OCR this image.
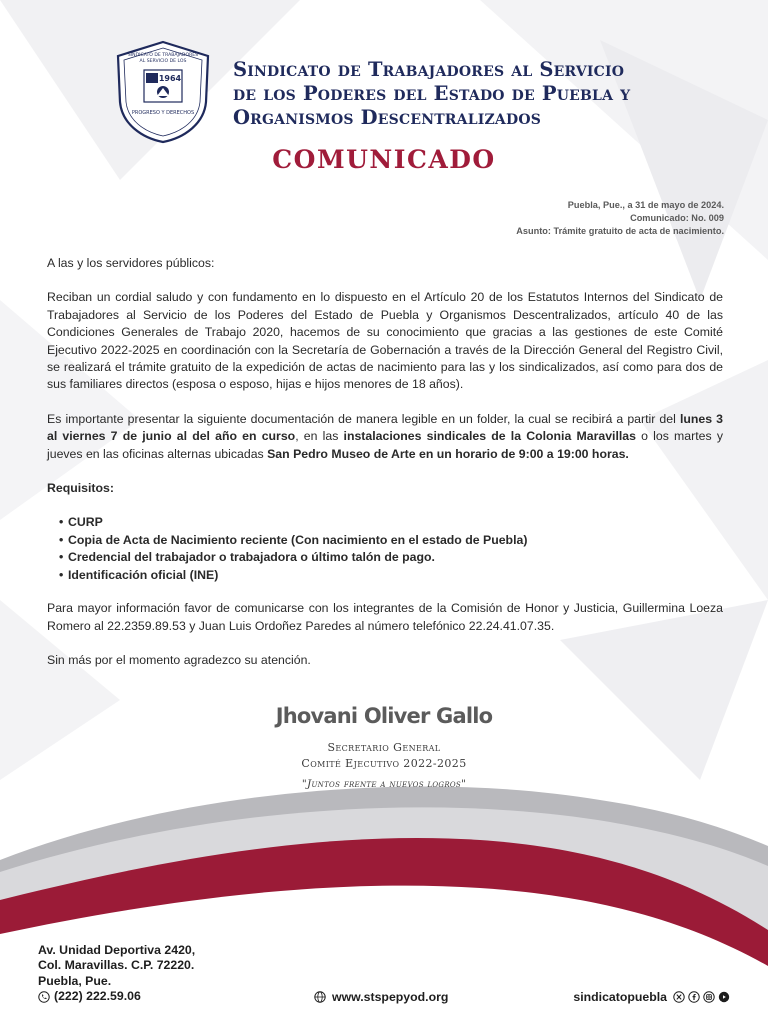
1964
PROGRESO Y DERECHOS
SINDICATO DE TRABAJADORES
AL SERVICIO DE LOS Sindicato de Trabajadores al Servicio
de los Poderes del Estado de Puebla y
Organismos Descentralizados
COMUNICADO
Puebla, Pue., a 31 de mayo de 2024.
Comunicado: No. 009
Asunto: Trámite gratuito de acta de nacimiento.

A las y los servidores públicos:

Reciban un cordial saludo y con fundamento en lo dispuesto en el Artículo 20 de los Estatutos Internos del Sindicato de Trabajadores al Servicio de los Poderes del Estado de Puebla y Organismos Descentralizados, artículo 40 de las Condiciones Generales de Trabajo 2020, hacemos de su conocimiento que gracias a las gestiones de este Comité Ejecutivo 2022-2025 en coordinación con la Secretaría de Gobernación a través de la Dirección General del Registro Civil, se realizará el trámite gratuito de la expedición de actas de nacimiento para las y los sindicalizados, así como para dos de sus familiares directos (esposa o esposo, hijas e hijos menores de 18 años).

Es importante presentar la siguiente documentación de manera legible en un folder, la cual se recibirá a partir del lunes 3 al viernes 7 de junio al del año en curso, en las instalaciones sindicales de la Colonia Maravillas o los martes y jueves en las oficinas alternas ubicadas San Pedro Museo de Arte en un horario de 9:00 a 19:00 horas.

Requisitos:
• CURP
• Copia de Acta de Nacimiento reciente (Con nacimiento en el estado de Puebla)
• Credencial del trabajador o trabajadora o último talón de pago.
• Identificación oficial (INE)

Para mayor información favor de comunicarse con los integrantes de la Comisión de Honor y Justicia, Guillermina Loeza Romero al 22.2359.89.53 y Juan Luis Ordoñez Paredes al número telefónico 22.24.41.07.35.

Sin más por el momento agradezco su atención.

Jhovani Oliver Gallo
Secretario General
Comité Ejecutivo 2022-2025
"Juntos frente a nuevos logros"
Av. Unidad Deportiva 2420,
Col. Maravillas. C.P. 72220.
Puebla, Pue.
(222) 222.59.06	www.stspepyod.org	sindicatopuebla
